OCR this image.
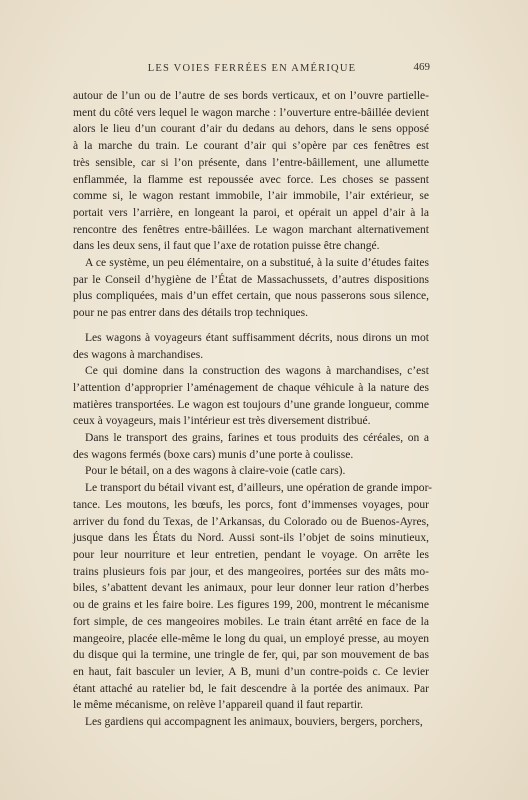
LES VOIES FERRÉES EN AMÉRIQUE	469

autour de l’un ou de l’autre de ses bords verticaux, et on l’ouvre partielle-
ment du côté vers lequel le wagon marche : l’ouverture entre-bâillée devient
alors le lieu d’un courant d’air du dedans au dehors, dans le sens opposé
à la marche du train. Le courant d’air qui s’opère par ces fenêtres est
très sensible, car si l’on présente, dans l’entre-bâillement, une allumette
enflammée, la flamme est repoussée avec force. Les choses se passent
comme si, le wagon restant immobile, l’air immobile, l’air extérieur, se
portait vers l’arrière, en longeant la paroi, et opérait un appel d’air à la
rencontre des fenêtres entre-bâillées. Le wagon marchant alternativement
dans les deux sens, il faut que l’axe de rotation puisse être changé.

A ce système, un peu élémentaire, on a substitué, à la suite d’études faites
par le Conseil d’hygiène de l’État de Massachussets, d’autres dispositions
plus compliquées, mais d’un effet certain, que nous passerons sous silence,
pour ne pas entrer dans des détails trop techniques.

Les wagons à voyageurs étant suffisamment décrits, nous dirons un mot
des wagons à marchandises.

Ce qui domine dans la construction des wagons à marchandises, c’est
l’attention d’approprier l’aménagement de chaque véhicule à la nature des
matières transportées. Le wagon est toujours d’une grande longueur, comme
ceux à voyageurs, mais l’intérieur est très diversement distribué.

Dans le transport des grains, farines et tous produits des céréales, on a
des wagons fermés (boxe cars) munis d’une porte à coulisse.

Pour le bétail, on a des wagons à claire-voie (catle cars).

Le transport du bétail vivant est, d’ailleurs, une opération de grande impor-
tance. Les moutons, les bœufs, les porcs, font d’immenses voyages, pour
arriver du fond du Texas, de l’Arkansas, du Colorado ou de Buenos-Ayres,
jusque dans les États du Nord. Aussi sont-ils l’objet de soins minutieux,
pour leur nourriture et leur entretien, pendant le voyage. On arrête les
trains plusieurs fois par jour, et des mangeoires, portées sur des mâts mo-
biles, s’abattent devant les animaux, pour leur donner leur ration d’herbes
ou de grains et les faire boire. Les figures 199, 200, montrent le mécanisme
fort simple, de ces mangeoires mobiles. Le train étant arrêté en face de la
mangeoire, placée elle-même le long du quai, un employé presse, au moyen
du disque qui la termine, une tringle de fer, qui, par son mouvement de bas
en haut, fait basculer un levier, A B, muni d’un contre-poids c. Ce levier
étant attaché au ratelier bd, le fait descendre à la portée des animaux. Par
le même mécanisme, on relève l’appareil quand il faut repartir.

Les gardiens qui accompagnent les animaux, bouviers, bergers, porchers,
